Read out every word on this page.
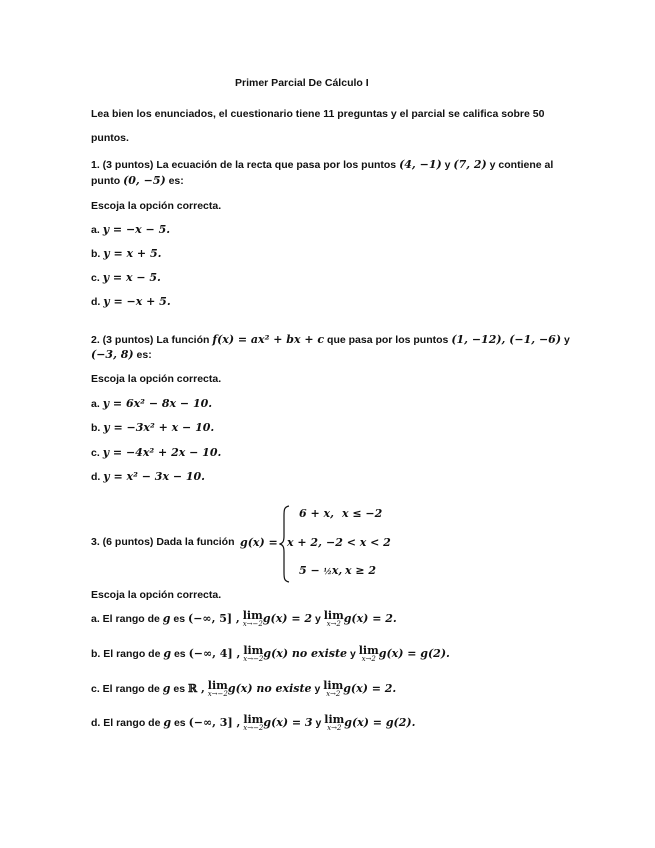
Primer Parcial De Cálculo I
Lea bien los enunciados, el cuestionario tiene 11 preguntas y el parcial se califica sobre 50
puntos.
1. (3 puntos) La ecuación de la recta que pasa por los puntos (4, −1) y (7, 2) y contiene al
punto (0, −5) es:
Escoja la opción correcta.
a. y = −x − 5.
b. y = x + 5.
c. y = x − 5.
d. y = −x + 5.
2. (3 puntos) La función f(x) = ax² + bx + c que pasa por los puntos (1, −12), (−1, −6) y
(−3, 8) es:
Escoja la opción correcta.
a. y = 6x² − 8x − 10.
b. y = −3x² + x − 10.
c. y = −4x² + 2x − 10.
d. y = x² − 3x − 10.
3. (6 puntos) Dada la función g(x) =
6 + x, x ≤ −2
x + 2, −2 < x < 2
5 − ½x, x ≥ 2
Escoja la opción correcta.
a. El rango de g es (−∞, 5] , lim
x→−2 g(x) = 2 y lim
x→2 g(x) = 2.
b. El rango de g es (−∞, 4] , lim
x→−2 g(x) no existe y lim
x→2 g(x) = g(2).
c. El rango de g es ℝ , lim
x→−2 g(x) no existe y lim
x→2 g(x) = 2.
d. El rango de g es (−∞, 3] , lim
x→−2 g(x) = 3 y lim
x→2 g(x) = g(2).
